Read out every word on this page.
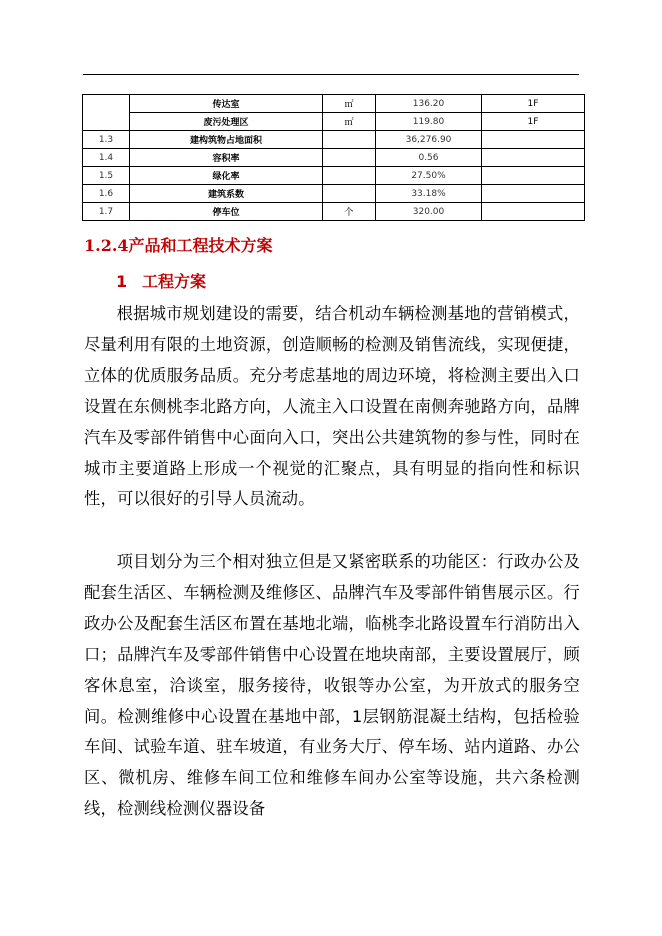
	传达室	㎡	136.20	1F
	废污处理区	㎡	119.80	1F
1.3	建构筑物占地面积		36,276.90	
1.4	容积率		0.56	
1.5	绿化率		27.50%	
1.6	建筑系数		33.18%	
1.7	停车位	个	320.00	
1.2.4产品和工程技术方案
1 工程方案

根据城市规划建设的需要，结合机动车辆检测基地的营销模式，尽量利用有限的土地资源，创造顺畅的检测及销售流线，实现便捷，立体的优质服务品质。充分考虑基地的周边环境，将检测主要出入口设置在东侧桃李北路方向，人流主入口设置在南侧奔驰路方向，品牌汽车及零部件销售中心面向入口，突出公共建筑物的参与性，同时在城市主要道路上形成一个视觉的汇聚点，具有明显的指向性和标识性，可以很好的引导人员流动。

项目划分为三个相对独立但是又紧密联系的功能区：行政办公及配套生活区、车辆检测及维修区、品牌汽车及零部件销售展示区。行政办公及配套生活区布置在基地北端，临桃李北路设置车行消防出入口；品牌汽车及零部件销售中心设置在地块南部，主要设置展厅，顾客休息室，洽谈室，服务接待，收银等办公室，为开放式的服务空间。检测维修中心设置在基地中部，1层钢筋混凝土结构，包括检验车间、试验车道、驻车坡道，有业务大厅、停车场、站内道路、办公区、微机房、维修车间工位和维修车间办公室等设施，共六条检测线，检测线检测仪器设备
